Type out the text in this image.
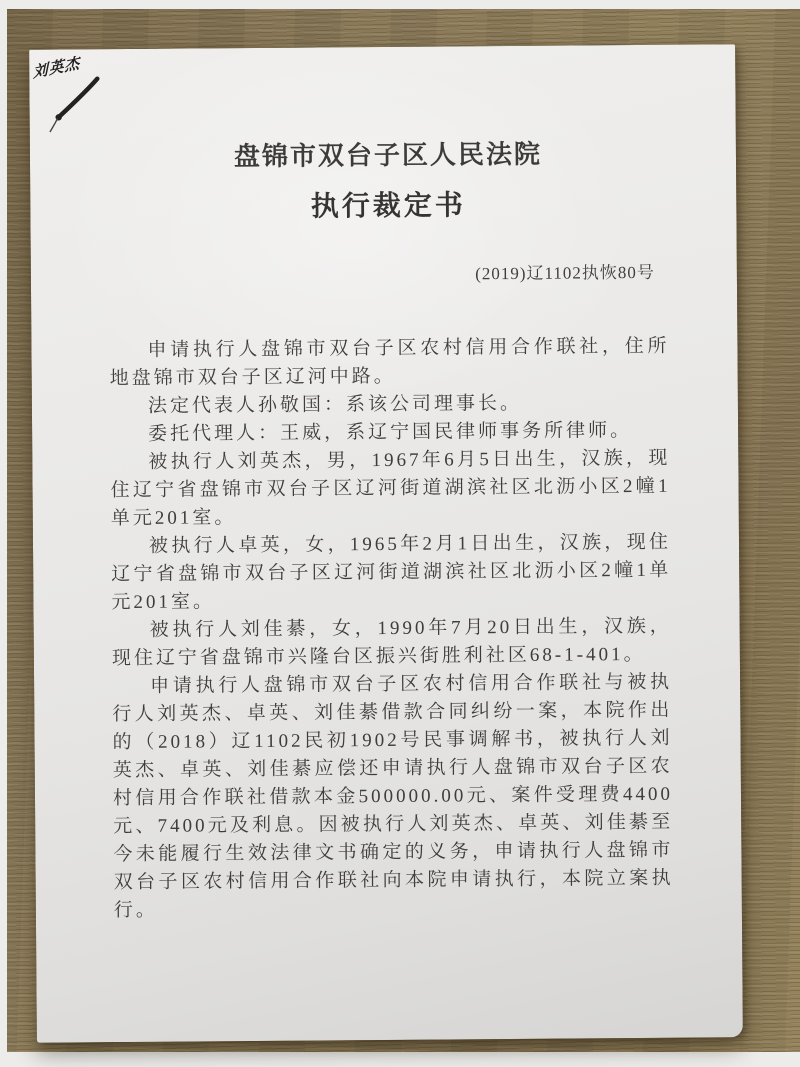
刘英杰
盘锦市双台子区人民法院
执行裁定书
(2019)辽1102执恢80号

申请执行人盘锦市双台子区农村信用合作联社，住所地盘锦市双台子区辽河中路。

法定代表人孙敬国：系该公司理事长。

委托代理人：王威，系辽宁国民律师事务所律师。

被执行人刘英杰，男，1967年6月5日出生，汉族，现住辽宁省盘锦市双台子区辽河街道湖滨社区北沥小区2幢1单元201室。

被执行人卓英，女，1965年2月1日出生，汉族，现住辽宁省盘锦市双台子区辽河街道湖滨社区北沥小区2幢1单元201室。

被执行人刘佳綦，女，1990年7月20日出生，汉族，现住辽宁省盘锦市兴隆台区振兴街胜利社区68-1-401。

申请执行人盘锦市双台子区农村信用合作联社与被执行人刘英杰、卓英、刘佳綦借款合同纠纷一案，本院作出的（2018）辽1102民初1902号民事调解书，被执行人刘英杰、卓英、刘佳綦应偿还申请执行人盘锦市双台子区农村信用合作联社借款本金500000.00元、案件受理费4400元、7400元及利息。因被执行人刘英杰、卓英、刘佳綦至今未能履行生效法律文书确定的义务，申请执行人盘锦市双台子区农村信用合作联社向本院申请执行，本院立案执行。
